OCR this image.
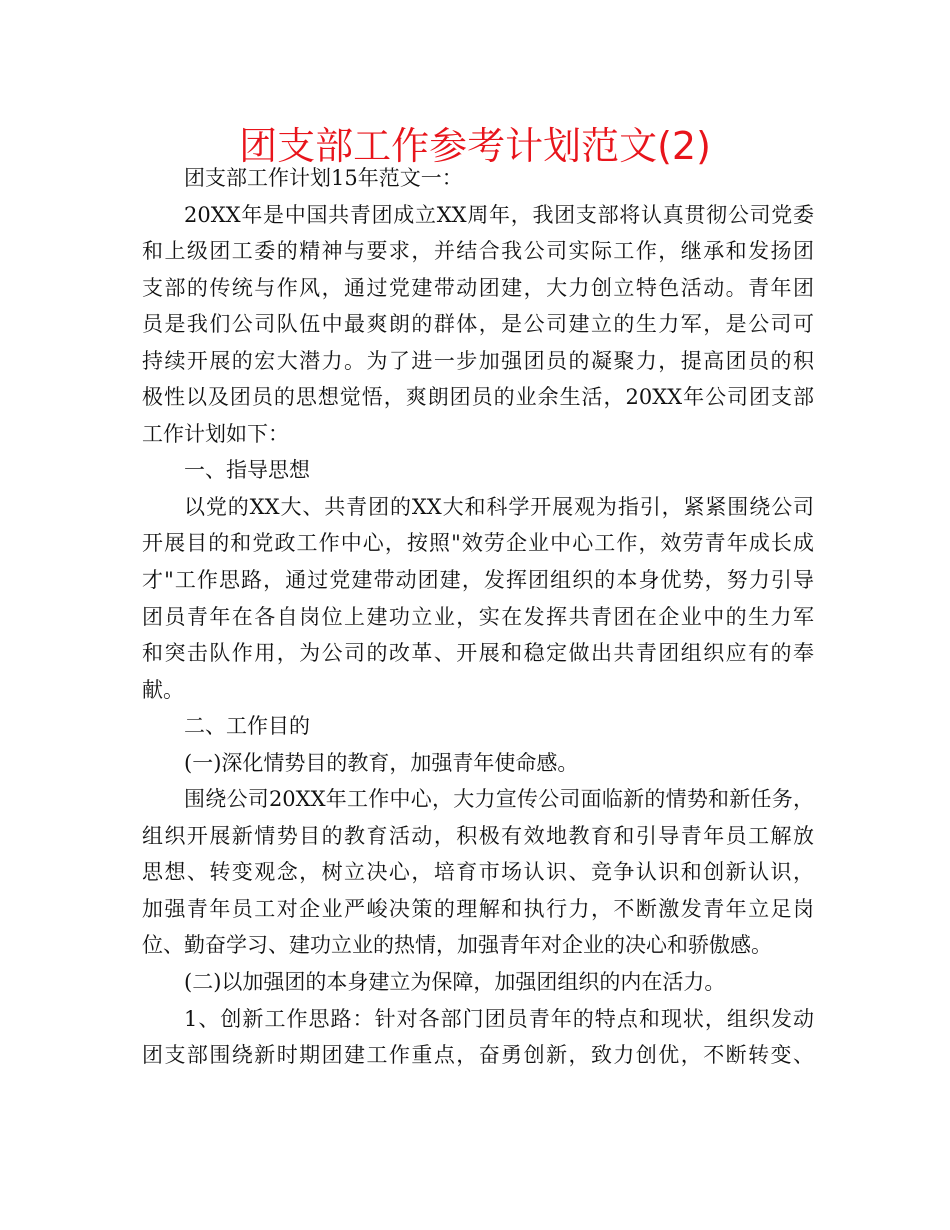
团支部工作参考计划范文(2)
团支部工作计划15年范文一：
20XX年是中国共青团成立XX周年，我团支部将认真贯彻公司党委
和上级团工委的精神与要求，并结合我公司实际工作，继承和发扬团
支部的传统与作风，通过党建带动团建，大力创立特色活动。青年团
员是我们公司队伍中最爽朗的群体，是公司建立的生力军，是公司可
持续开展的宏大潜力。为了进一步加强团员的凝聚力，提高团员的积
极性以及团员的思想觉悟，爽朗团员的业余生活，20XX年公司团支部
工作计划如下：
一、指导思想
以党的XX大、共青团的XX大和科学开展观为指引，紧紧围绕公司
开展目的和党政工作中心，按照"效劳企业中心工作，效劳青年成长成
才"工作思路，通过党建带动团建，发挥团组织的本身优势，努力引导
团员青年在各自岗位上建功立业，实在发挥共青团在企业中的生力军
和突击队作用，为公司的改革、开展和稳定做出共青团组织应有的奉
献。
二、工作目的
(一)深化情势目的教育，加强青年使命感。
围绕公司20XX年工作中心，大力宣传公司面临新的情势和新任务，
组织开展新情势目的教育活动，积极有效地教育和引导青年员工解放
思想、转变观念，树立决心，培育市场认识、竞争认识和创新认识，
加强青年员工对企业严峻决策的理解和执行力，不断激发青年立足岗
位、勤奋学习、建功立业的热情，加强青年对企业的决心和骄傲感。
(二)以加强团的本身建立为保障，加强团组织的内在活力。
1、创新工作思路：针对各部门团员青年的特点和现状，组织发动
团支部围绕新时期团建工作重点，奋勇创新，致力创优，不断转变、
